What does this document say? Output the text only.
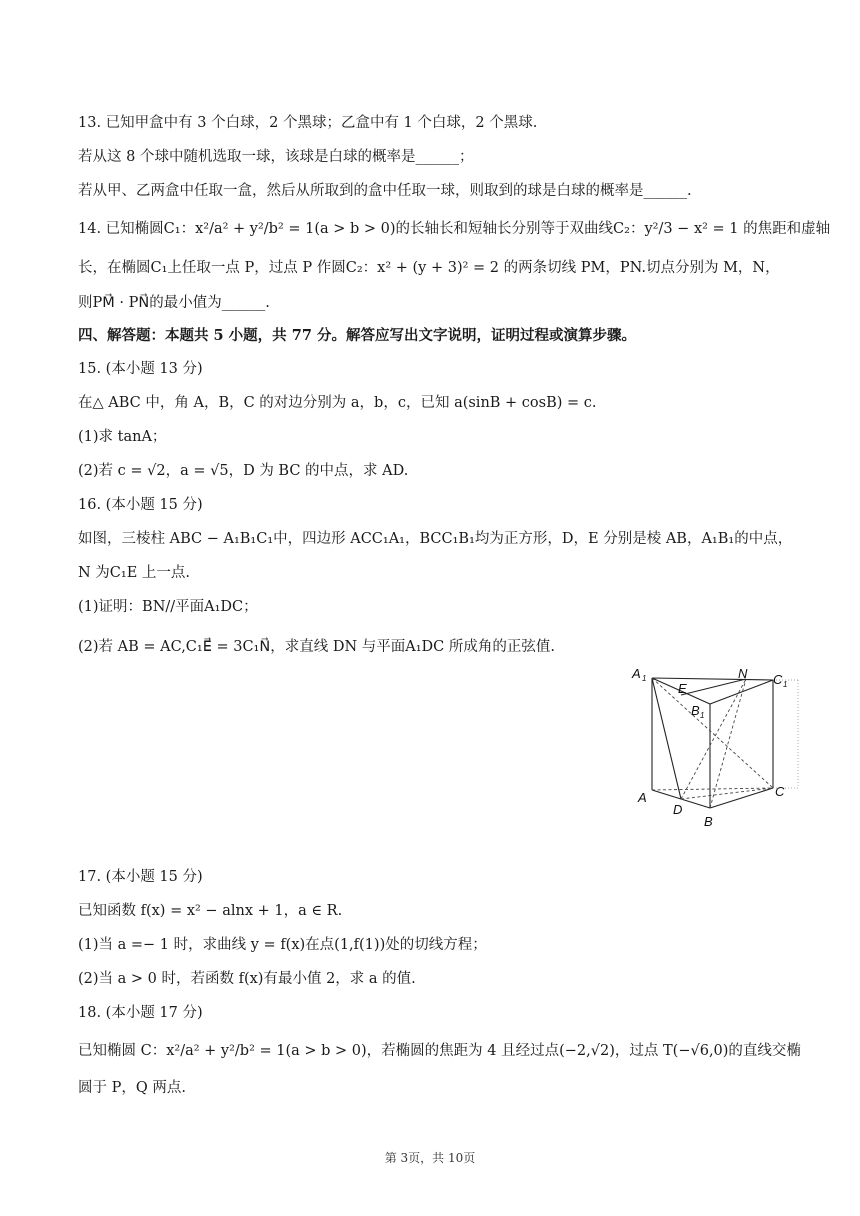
13. 已知甲盒中有 3 个白球，2 个黑球；乙盒中有 1 个白球，2 个黑球.
若从这 8 个球中随机选取一球，该球是白球的概率是______；
若从甲、乙两盒中任取一盒，然后从所取到的盒中任取一球，则取到的球是白球的概率是______.
14. 已知椭圆C₁：x²/a² + y²/b² = 1(a > b > 0)的长轴长和短轴长分别等于双曲线C₂：y²/3 − x² = 1 的焦距和虚轴
长，在椭圆C₁上任取一点 P，过点 P 作圆C₂：x² + (y + 3)² = 2 的两条切线 PM，PN.切点分别为 M，N，
则PM⃗ · PN⃗的最小值为______.
四、解答题：本题共 5 小题，共 77 分。解答应写出文字说明，证明过程或演算步骤。
15. (本小题 13 分)
在△ ABC 中，角 A，B，C 的对边分别为 a，b，c，已知 a(sinB + cosB) = c.
(1)求 tanA；
(2)若 c = √2，a = √5，D 为 BC 的中点，求 AD.
16. (本小题 15 分)
如图，三棱柱 ABC − A₁B₁C₁中，四边形 ACC₁A₁，BCC₁B₁均为正方形，D，E 分别是棱 AB，A₁B₁的中点，
N 为C₁E 上一点.
(1)证明：BN//平面A₁DC；
(2)若 AB = AC,C₁E⃗ = 3C₁N⃗，求直线 DN 与平面A₁DC 所成角的正弦值.
A 1
E
N C 1
B 1
A
D
B
C
17. (本小题 15 分)
已知函数 f(x) = x² − alnx + 1，a ∈ R.
(1)当 a =− 1 时，求曲线 y = f(x)在点(1,f(1))处的切线方程；
(2)当 a > 0 时，若函数 f(x)有最小值 2，求 a 的值.
18. (本小题 17 分)
已知椭圆 C：x²/a² + y²/b² = 1(a > b > 0)，若椭圆的焦距为 4 且经过点(−2,√2)，过点 T(−√6,0)的直线交椭
圆于 P，Q 两点.
第 3页，共 10页
